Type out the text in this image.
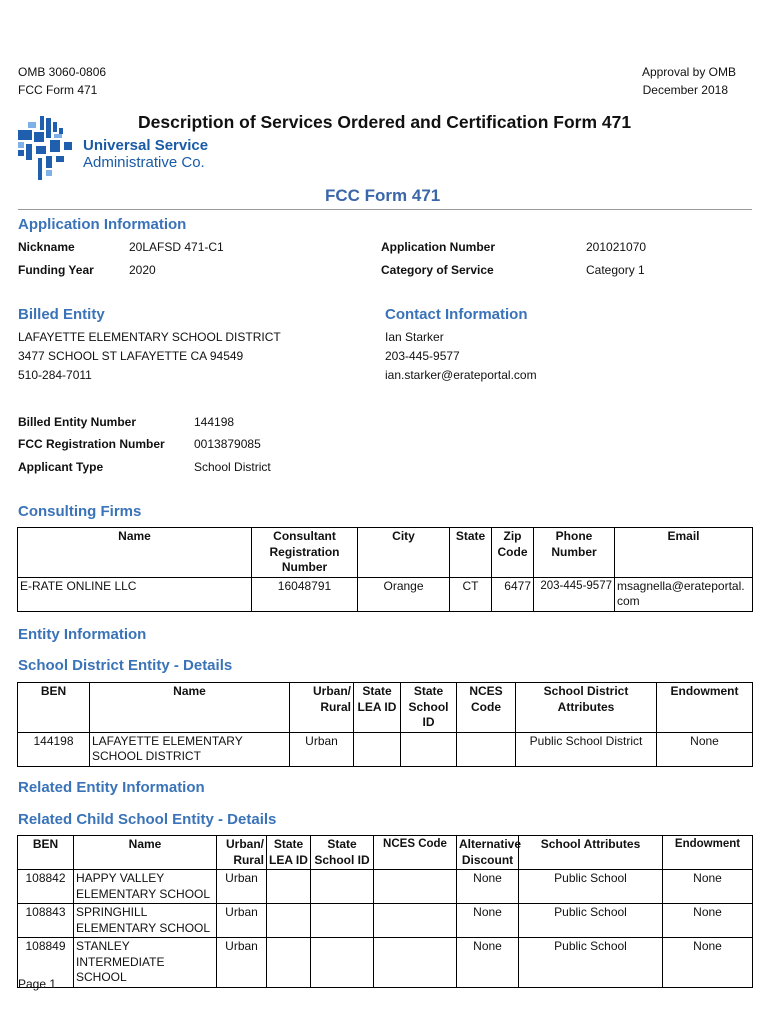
OMB 3060-0806
FCC Form 471
Approval by OMB
December 2018
Description of Services Ordered and Certification Form 471
Universal Service
Administrative Co.
FCC Form 471
Application Information
Nickname	20LAFSD 471-C1
Funding Year	2020
Application Number	201021070
Category of Service	Category 1
Billed Entity
LAFAYETTE ELEMENTARY SCHOOL DISTRICT
3477 SCHOOL ST LAFAYETTE CA 94549
510-284-7011
Contact Information
Ian Starker
203-445-9577
ian.starker@erateportal.com
Billed Entity Number	144198
FCC Registration Number 0013879085
Applicant Type	School District
Consulting Firms
Name	Consultant Registration Number	City	State	Zip Code	Phone Number	Email
E-RATE ONLINE LLC	16048791	Orange	CT	6477	203-445-9577	msagnella@erateportal.com
Entity Information
School District Entity - Details
BEN	Name	Urban/ Rural	State LEA ID	State School ID	NCES Code	School District Attributes	Endowment
144198	LAFAYETTE ELEMENTARY SCHOOL DISTRICT	Urban				Public School District	None
Related Entity Information
Related Child School Entity - Details
BEN	Name	Urban/ Rural	State LEA ID	State School ID	NCES Code	Alternative Discount	School Attributes	Endowment
108842	HAPPY VALLEY ELEMENTARY SCHOOL	Urban				None	Public School	None
108843	SPRINGHILL ELEMENTARY SCHOOL	Urban				None	Public School	None
108849	STANLEY INTERMEDIATE SCHOOL	Urban				None	Public School	None
Page 1
